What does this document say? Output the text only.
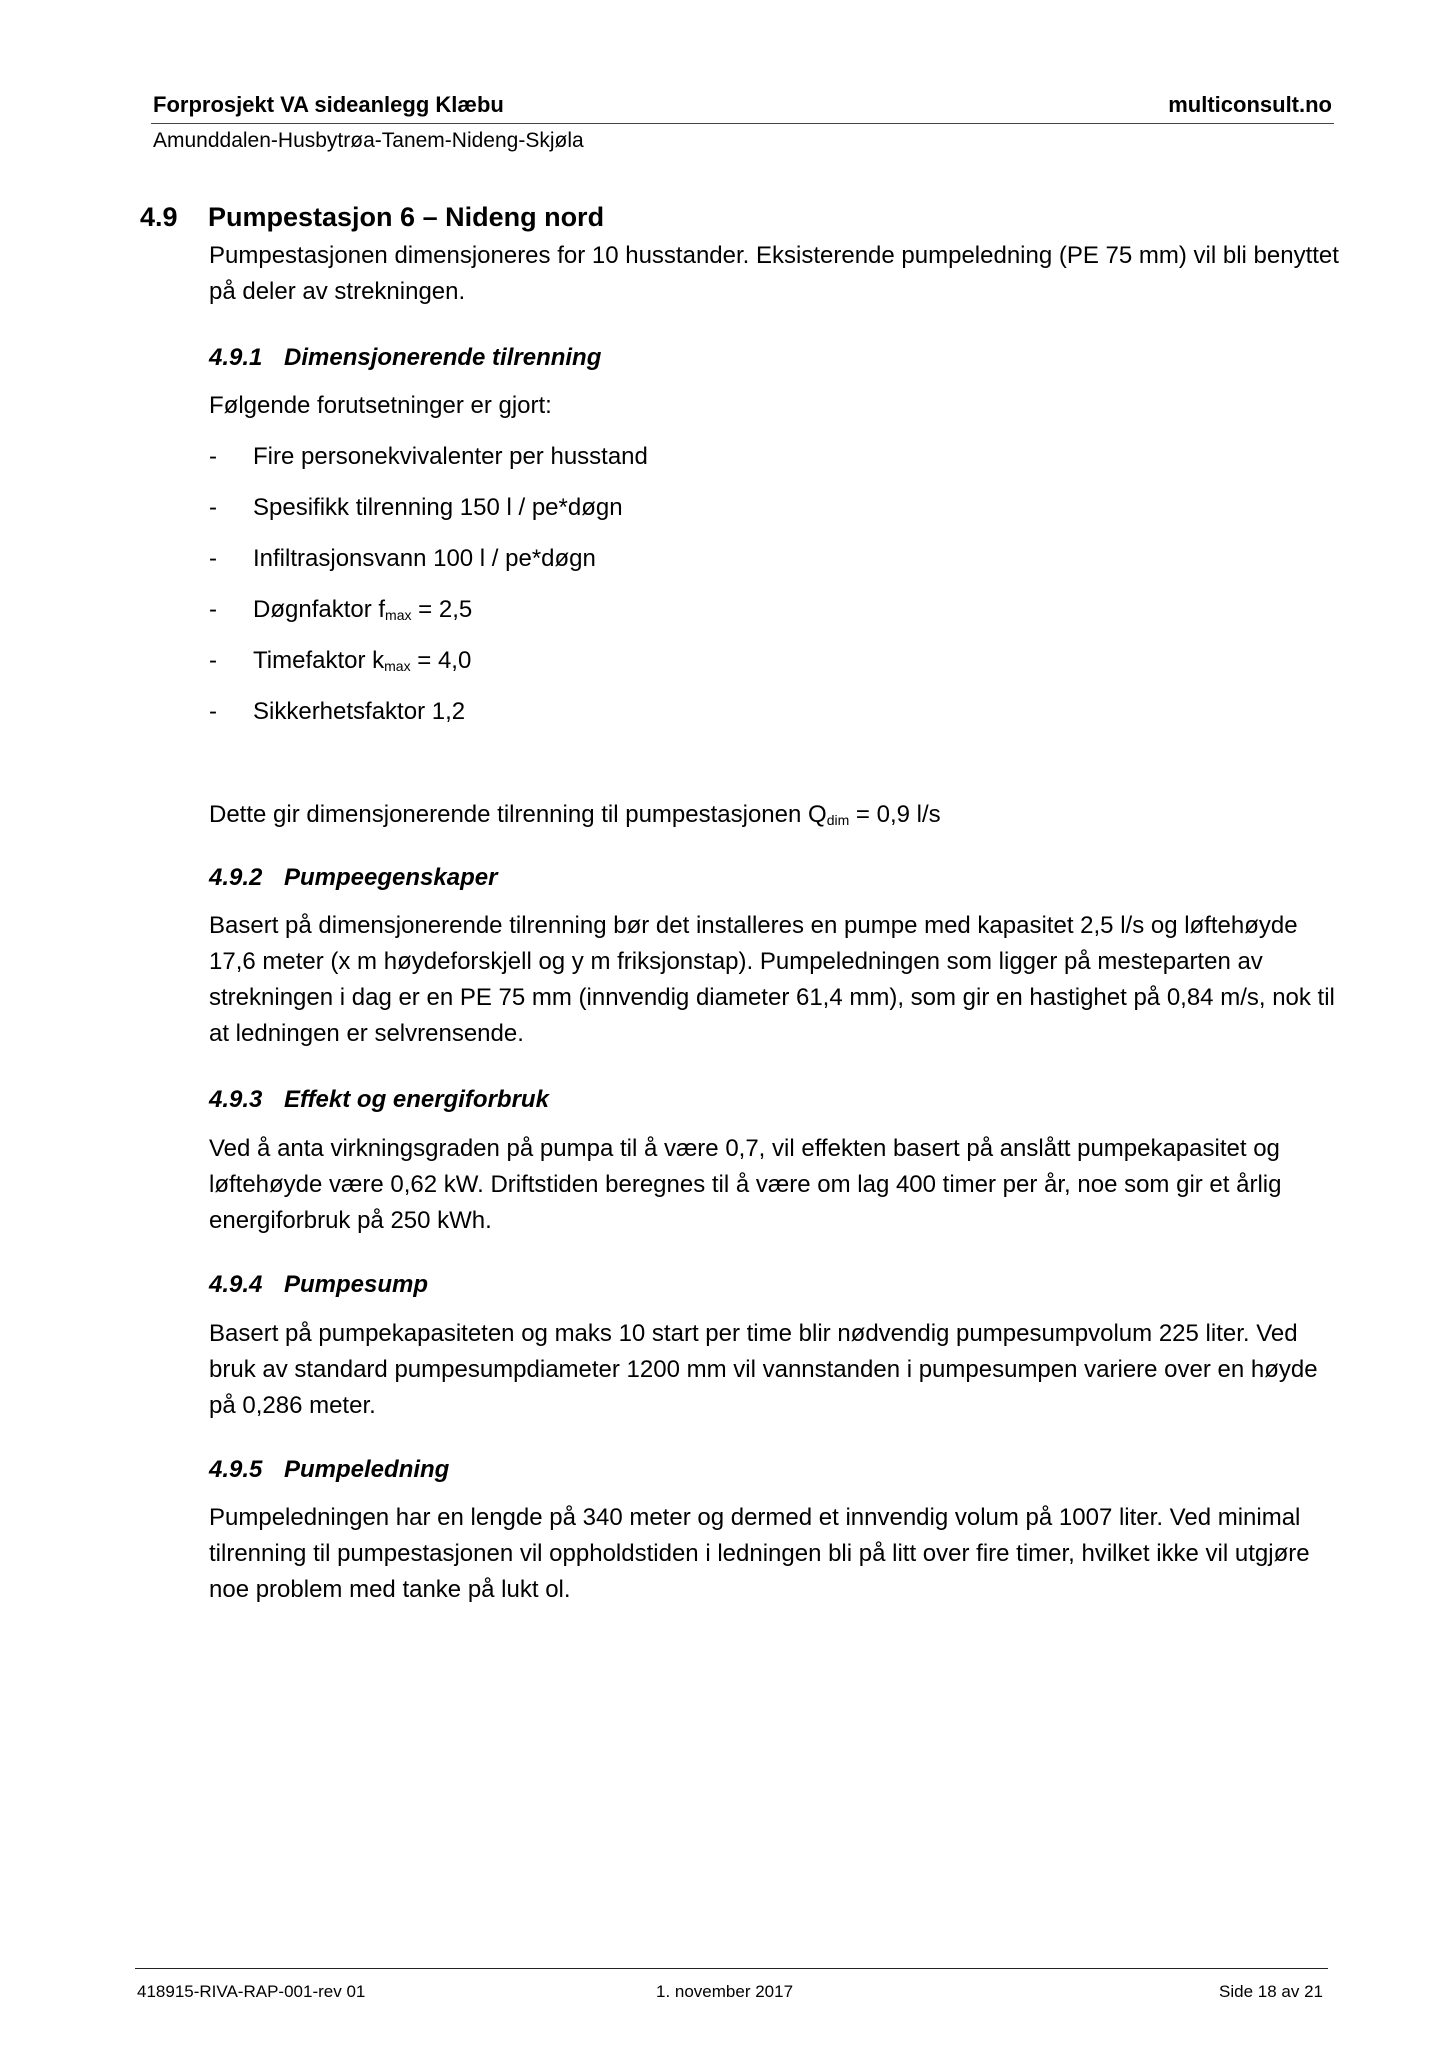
Forprosjekt VA sideanlegg Klæbu	multiconsult.no
Amunddalen-Husbytrøa-Tanem-Nideng-Skjøla
4.9 Pumpestasjon 6 – Nideng nord

Pumpestasjonen dimensjoneres for 10 husstander. Eksisterende pumpeledning (PE 75 mm) vil bli benyttet på deler av strekningen.

4.9.1 Dimensjonerende tilrenning

Følgende forutsetninger er gjort:

- Fire personekvivalenter per husstand

- Spesifikk tilrenning 150 l / pe*døgn

- Infiltrasjonsvann 100 l / pe*døgn

- Døgnfaktor $f_{max} = 2,5$

- Timefaktor $k_{max} = 4,0$

- Sikkerhetsfaktor 1,2

Dette gir dimensjonerende tilrenning til pumpestasjonen $Q_{dim} = 0,9$ l/s

4.9.2 Pumpeegenskaper

Basert på dimensjonerende tilrenning bør det installeres en pumpe med kapasitet 2,5 l/s og løftehøyde 17,6 meter (x m høydeforskjell og y m friksjonstap). Pumpeledningen som ligger på mesteparten av strekningen i dag er en PE 75 mm (innvendig diameter 61,4 mm), som gir en hastighet på 0,84 m/s, nok til at ledningen er selvrensende.

4.9.3 Effekt og energiforbruk

Ved å anta virkningsgraden på pumpa til å være 0,7, vil effekten basert på anslått pumpekapasitet og løftehøyde være 0,62 kW. Driftstiden beregnes til å være om lag 400 timer per år, noe som gir et årlig energiforbruk på 250 kWh.

4.9.4 Pumpesump

Basert på pumpekapasiteten og maks 10 start per time blir nødvendig pumpesumpvolum 225 liter. Ved bruk av standard pumpesumpdiameter 1200 mm vil vannstanden i pumpesumpen variere over en høyde på 0,286 meter.

4.9.5 Pumpeledning

Pumpeledningen har en lengde på 340 meter og dermed et innvendig volum på 1007 liter. Ved minimal tilrenning til pumpestasjonen vil oppholdstiden i ledningen bli på litt over fire timer, hvilket ikke vil utgjøre noe problem med tanke på lukt ol.

418915-RIVA-RAP-001-rev 01	1. november 2017	Side 18 av 21
